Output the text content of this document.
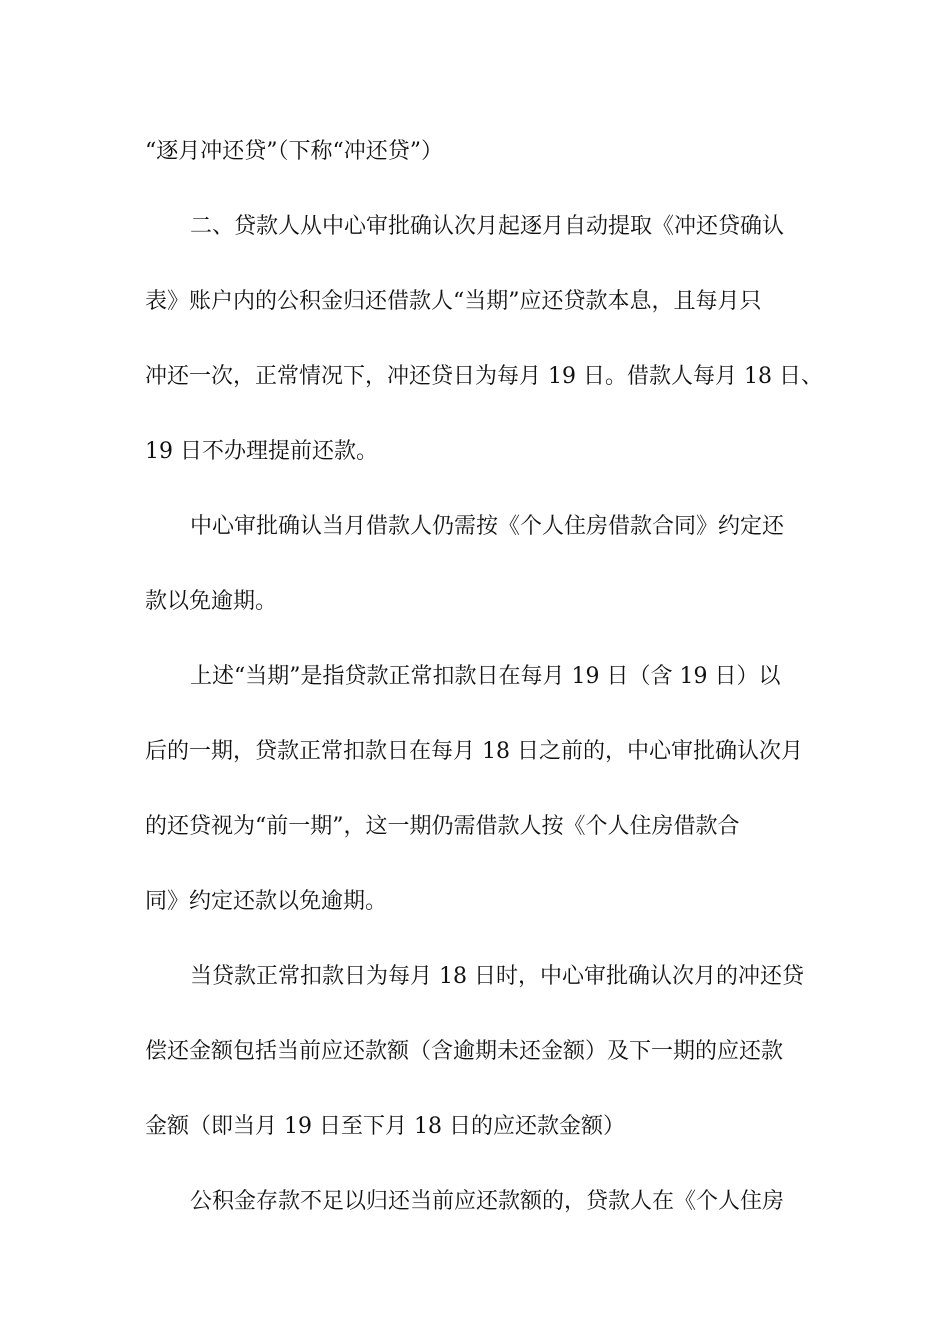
“逐月冲还贷”（下称“冲还贷”）

二、贷款人从中心审批确认次月起逐月自动提取《冲还贷确认

表》账户内的公积金归还借款人“当期”应还贷款本息，且每月只

冲还一次，正常情况下，冲还贷日为每月 19 日。借款人每月 18 日、

19 日不办理提前还款。

中心审批确认当月借款人仍需按《个人住房借款合同》约定还

款以免逾期。

上述“当期”是指贷款正常扣款日在每月 19 日（含 19 日）以

后的一期，贷款正常扣款日在每月 18 日之前的，中心审批确认次月

的还贷视为“前一期”，这一期仍需借款人按《个人住房借款合

同》约定还款以免逾期。

当贷款正常扣款日为每月 18 日时，中心审批确认次月的冲还贷

偿还金额包括当前应还款额（含逾期未还金额）及下一期的应还款

金额（即当月 19 日至下月 18 日的应还款金额）

公积金存款不足以归还当前应还款额的，贷款人在《个人住房
